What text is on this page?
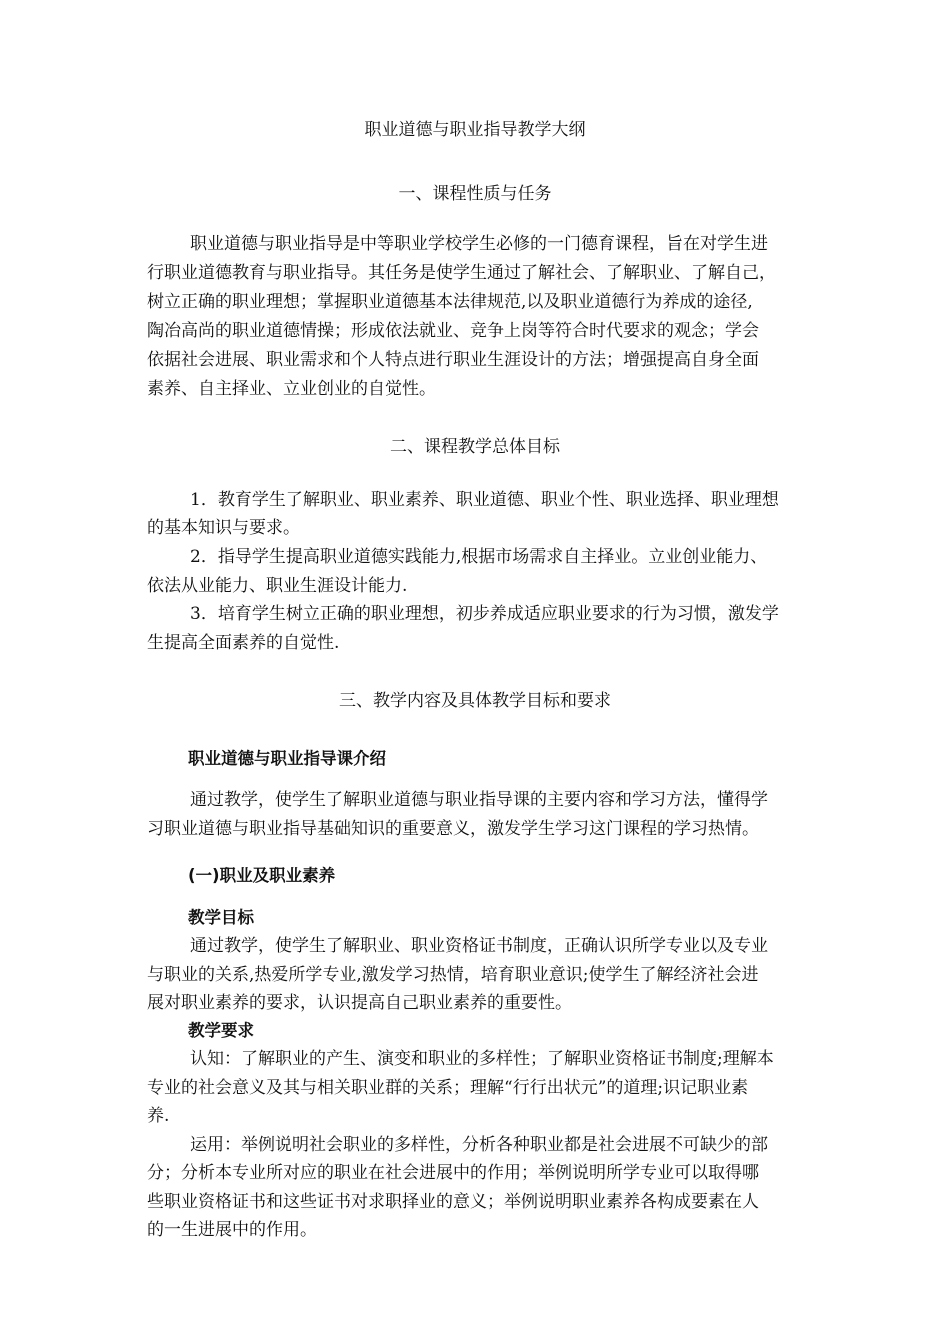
职业道德与职业指导教学大纲
一、课程性质与任务
职业道德与职业指导是中等职业学校学生必修的一门德育课程，旨在对学生进
行职业道德教育与职业指导。其任务是使学生通过了解社会、了解职业、了解自己，
树立正确的职业理想；掌握职业道德基本法律规范,以及职业道德行为养成的途径,
陶冶高尚的职业道德情操；形成依法就业、竞争上岗等符合时代要求的观念；学会
依据社会进展、职业需求和个人特点进行职业生涯设计的方法；增强提高自身全面
素养、自主择业、立业创业的自觉性。
二、课程教学总体目标
1．教育学生了解职业、职业素养、职业道德、职业个性、职业选择、职业理想
的基本知识与要求。
2．指导学生提高职业道德实践能力,根据市场需求自主择业。立业创业能力、
依法从业能力、职业生涯设计能力.
3．培育学生树立正确的职业理想，初步养成适应职业要求的行为习惯，激发学
生提高全面素养的自觉性.
三、教学内容及具体教学目标和要求
职业道德与职业指导课介绍
通过教学，使学生了解职业道德与职业指导课的主要内容和学习方法，懂得学
习职业道德与职业指导基础知识的重要意义，激发学生学习这门课程的学习热情。
(一)职业及职业素养
教学目标
通过教学，使学生了解职业、职业资格证书制度，正确认识所学专业以及专业
与职业的关系,热爱所学专业,激发学习热情，培育职业意识;使学生了解经济社会进
展对职业素养的要求，认识提高自己职业素养的重要性。
教学要求
认知：了解职业的产生、演变和职业的多样性；了解职业资格证书制度;理解本
专业的社会意义及其与相关职业群的关系；理解“行行出状元”的道理;识记职业素
养.
运用：举例说明社会职业的多样性，分析各种职业都是社会进展不可缺少的部
分；分析本专业所对应的职业在社会进展中的作用；举例说明所学专业可以取得哪
些职业资格证书和这些证书对求职择业的意义；举例说明职业素养各构成要素在人
的一生进展中的作用。
